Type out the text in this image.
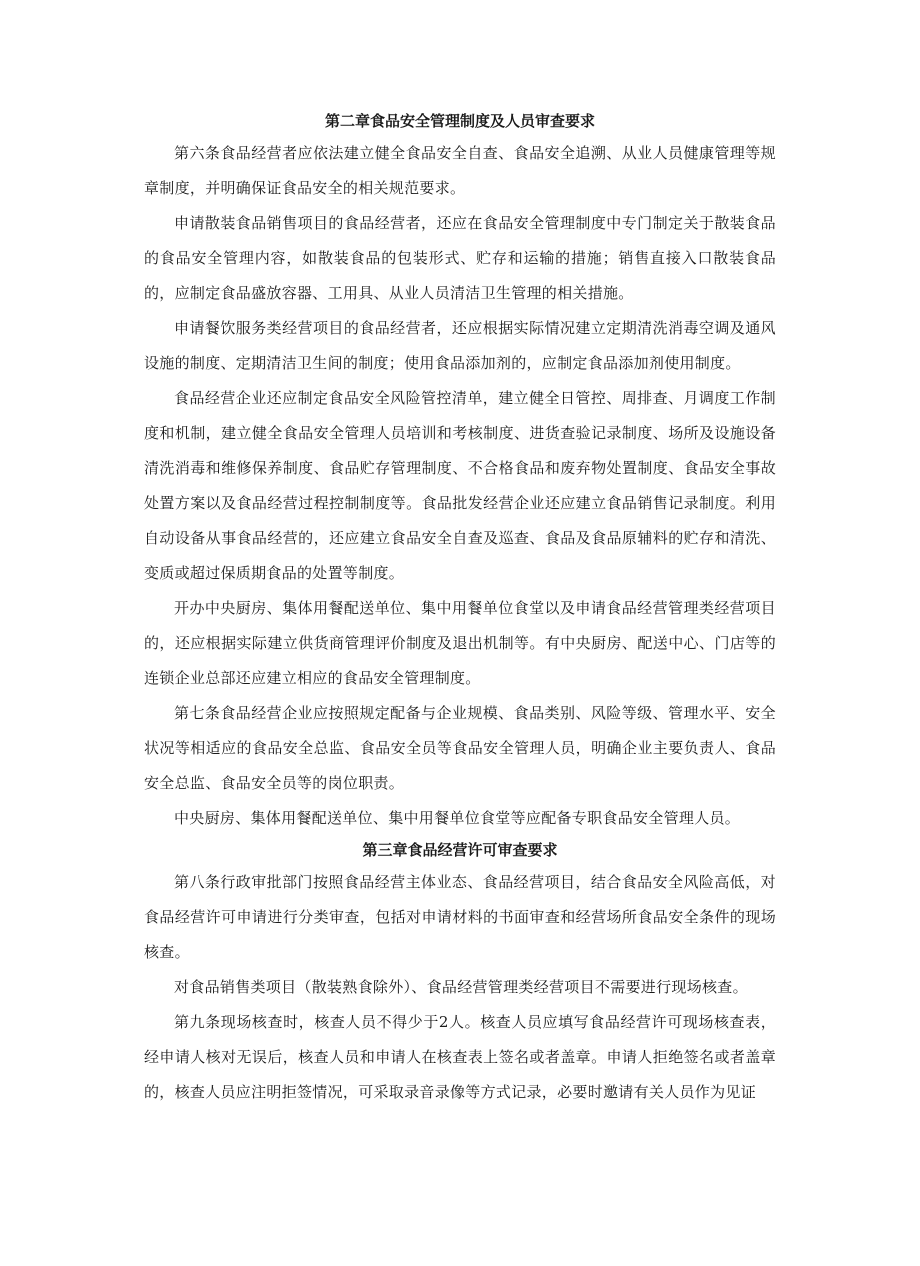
第二章食品安全管理制度及人员审查要求

第六条食品经营者应依法建立健全食品安全自查、食品安全追溯、从业人员健康管理等规章制度，并明确保证食品安全的相关规范要求。

申请散装食品销售项目的食品经营者，还应在食品安全管理制度中专门制定关于散装食品的食品安全管理内容，如散装食品的包装形式、贮存和运输的措施；销售直接入口散装食品的，应制定食品盛放容器、工用具、从业人员清洁卫生管理的相关措施。

申请餐饮服务类经营项目的食品经营者，还应根据实际情况建立定期清洗消毒空调及通风设施的制度、定期清洁卫生间的制度；使用食品添加剂的，应制定食品添加剂使用制度。

食品经营企业还应制定食品安全风险管控清单，建立健全日管控、周排查、月调度工作制度和机制，建立健全食品安全管理人员培训和考核制度、进货查验记录制度、场所及设施设备清洗消毒和维修保养制度、食品贮存管理制度、不合格食品和废弃物处置制度、食品安全事故处置方案以及食品经营过程控制制度等。食品批发经营企业还应建立食品销售记录制度。利用自动设备从事食品经营的，还应建立食品安全自查及巡查、食品及食品原辅料的贮存和清洗、变质或超过保质期食品的处置等制度。

开办中央厨房、集体用餐配送单位、集中用餐单位食堂以及申请食品经营管理类经营项目的，还应根据实际建立供货商管理评价制度及退出机制等。有中央厨房、配送中心、门店等的连锁企业总部还应建立相应的食品安全管理制度。

第七条食品经营企业应按照规定配备与企业规模、食品类别、风险等级、管理水平、安全状况等相适应的食品安全总监、食品安全员等食品安全管理人员，明确企业主要负责人、食品安全总监、食品安全员等的岗位职责。

中央厨房、集体用餐配送单位、集中用餐单位食堂等应配备专职食品安全管理人员。

第三章食品经营许可审查要求

第八条行政审批部门按照食品经营主体业态、食品经营项目，结合食品安全风险高低，对食品经营许可申请进行分类审查，包括对申请材料的书面审查和经营场所食品安全条件的现场核查。

对食品销售类项目（散装熟食除外）、食品经营管理类经营项目不需要进行现场核查。

第九条现场核查时，核查人员不得少于2人。核查人员应填写食品经营许可现场核查表，经申请人核对无误后，核查人员和申请人在核查表上签名或者盖章。申请人拒绝签名或者盖章的，核查人员应注明拒签情况，可采取录音录像等方式记录，必要时邀请有关人员作为见证
